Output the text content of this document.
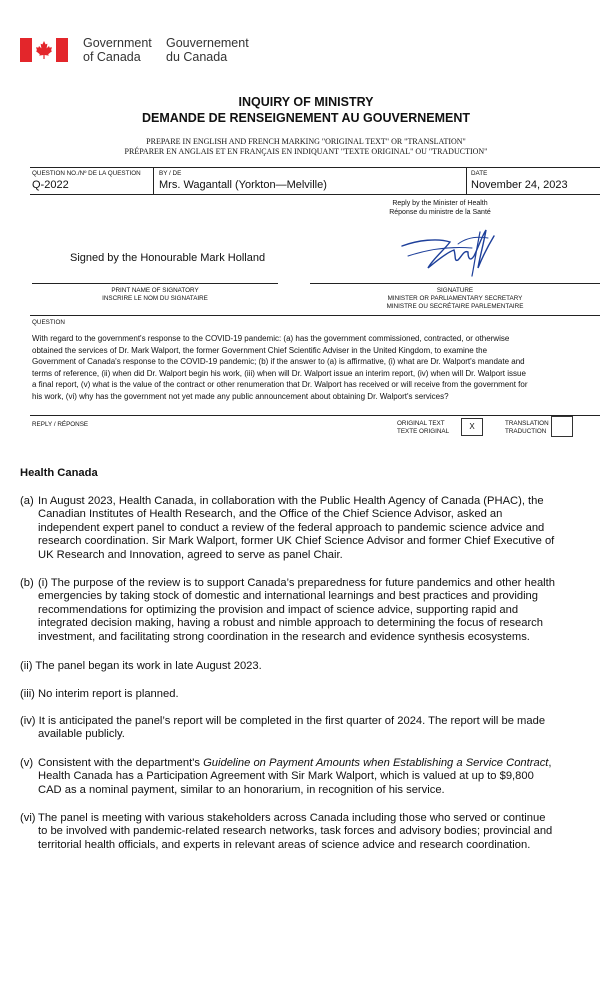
Government
of Canada
Gouvernement
du Canada
INQUIRY OF MINISTRY
DEMANDE DE RENSEIGNEMENT AU GOUVERNEMENT
PREPARE IN ENGLISH AND FRENCH MARKING "ORIGINAL TEXT" OR "TRANSLATION"
PRÉPARER EN ANGLAIS ET EN FRANÇAIS EN INDIQUANT "TEXTE ORIGINAL" OU "TRADUCTION"
QUESTION NO./Nº DE LA QUESTION
Q-2022
BY / DE
Mrs. Wagantall (Yorkton—Melville)
DATE
November 24, 2023
Reply by the Minister of Health
Réponse du ministre de la Santé
Signed by the Honourable Mark Holland
PRINT NAME OF SIGNATORY
INSCRIRE LE NOM DU SIGNATAIRE
SIGNATURE
MINISTER OR PARLIAMENTARY SECRETARY
MINISTRE OU SECRÉTAIRE PARLEMENTAIRE
QUESTION
With regard to the government's response to the COVID-19 pandemic: (a) has the government commissioned, contracted, or otherwise
obtained the services of Dr. Mark Walport, the former Government Chief Scientific Adviser in the United Kingdom, to examine the
Government of Canada's response to the COVID-19 pandemic; (b) if the answer to (a) is affirmative, (i) what are Dr. Walport's mandate and
terms of reference, (ii) when did Dr. Walport begin his work, (iii) when will Dr. Walport issue an interim report, (iv) when will Dr. Walport issue
a final report, (v) what is the value of the contract or other renumeration that Dr. Walport has received or will receive from the government for
his work, (vi) why has the government not yet made any public announcement about obtaining Dr. Walport's services?
REPLY / RÉPONSE	ORIGINAL TEXT
TEXTE ORIGINAL
X	TRANSLATION
TRADUCTION
Health Canada
(a) In August 2023, Health Canada, in collaboration with the Public Health Agency of Canada (PHAC), the
Canadian Institutes of Health Research, and the Office of the Chief Science Advisor, asked an
independent expert panel to conduct a review of the federal approach to pandemic science advice and
research coordination. Sir Mark Walport, former UK Chief Science Advisor and former Chief Executive of
UK Research and Innovation, agreed to serve as panel Chair.
(b) (i) The purpose of the review is to support Canada’s preparedness for future pandemics and other health
emergencies by taking stock of domestic and international learnings and best practices and providing
recommendations for optimizing the provision and impact of science advice, supporting rapid and
integrated decision making, having a robust and nimble approach to determining the focus of research
investment, and facilitating strong coordination in the research and evidence synthesis ecosystems.
(ii) The panel began its work in late August 2023.
(iii) No interim report is planned.
(iv) It is anticipated the panel’s report will be completed in the first quarter of 2024. The report will be made
available publicly.
(v) Consistent with the department's Guideline on Payment Amounts when Establishing a Service Contract,
Health Canada has a Participation Agreement with Sir Mark Walport, which is valued at up to $9,800
CAD as a nominal payment, similar to an honorarium, in recognition of his service.
(vi) The panel is meeting with various stakeholders across Canada including those who served or continue
to be involved with pandemic-related research networks, task forces and advisory bodies; provincial and
territorial health officials, and experts in relevant areas of science advice and research coordination.
